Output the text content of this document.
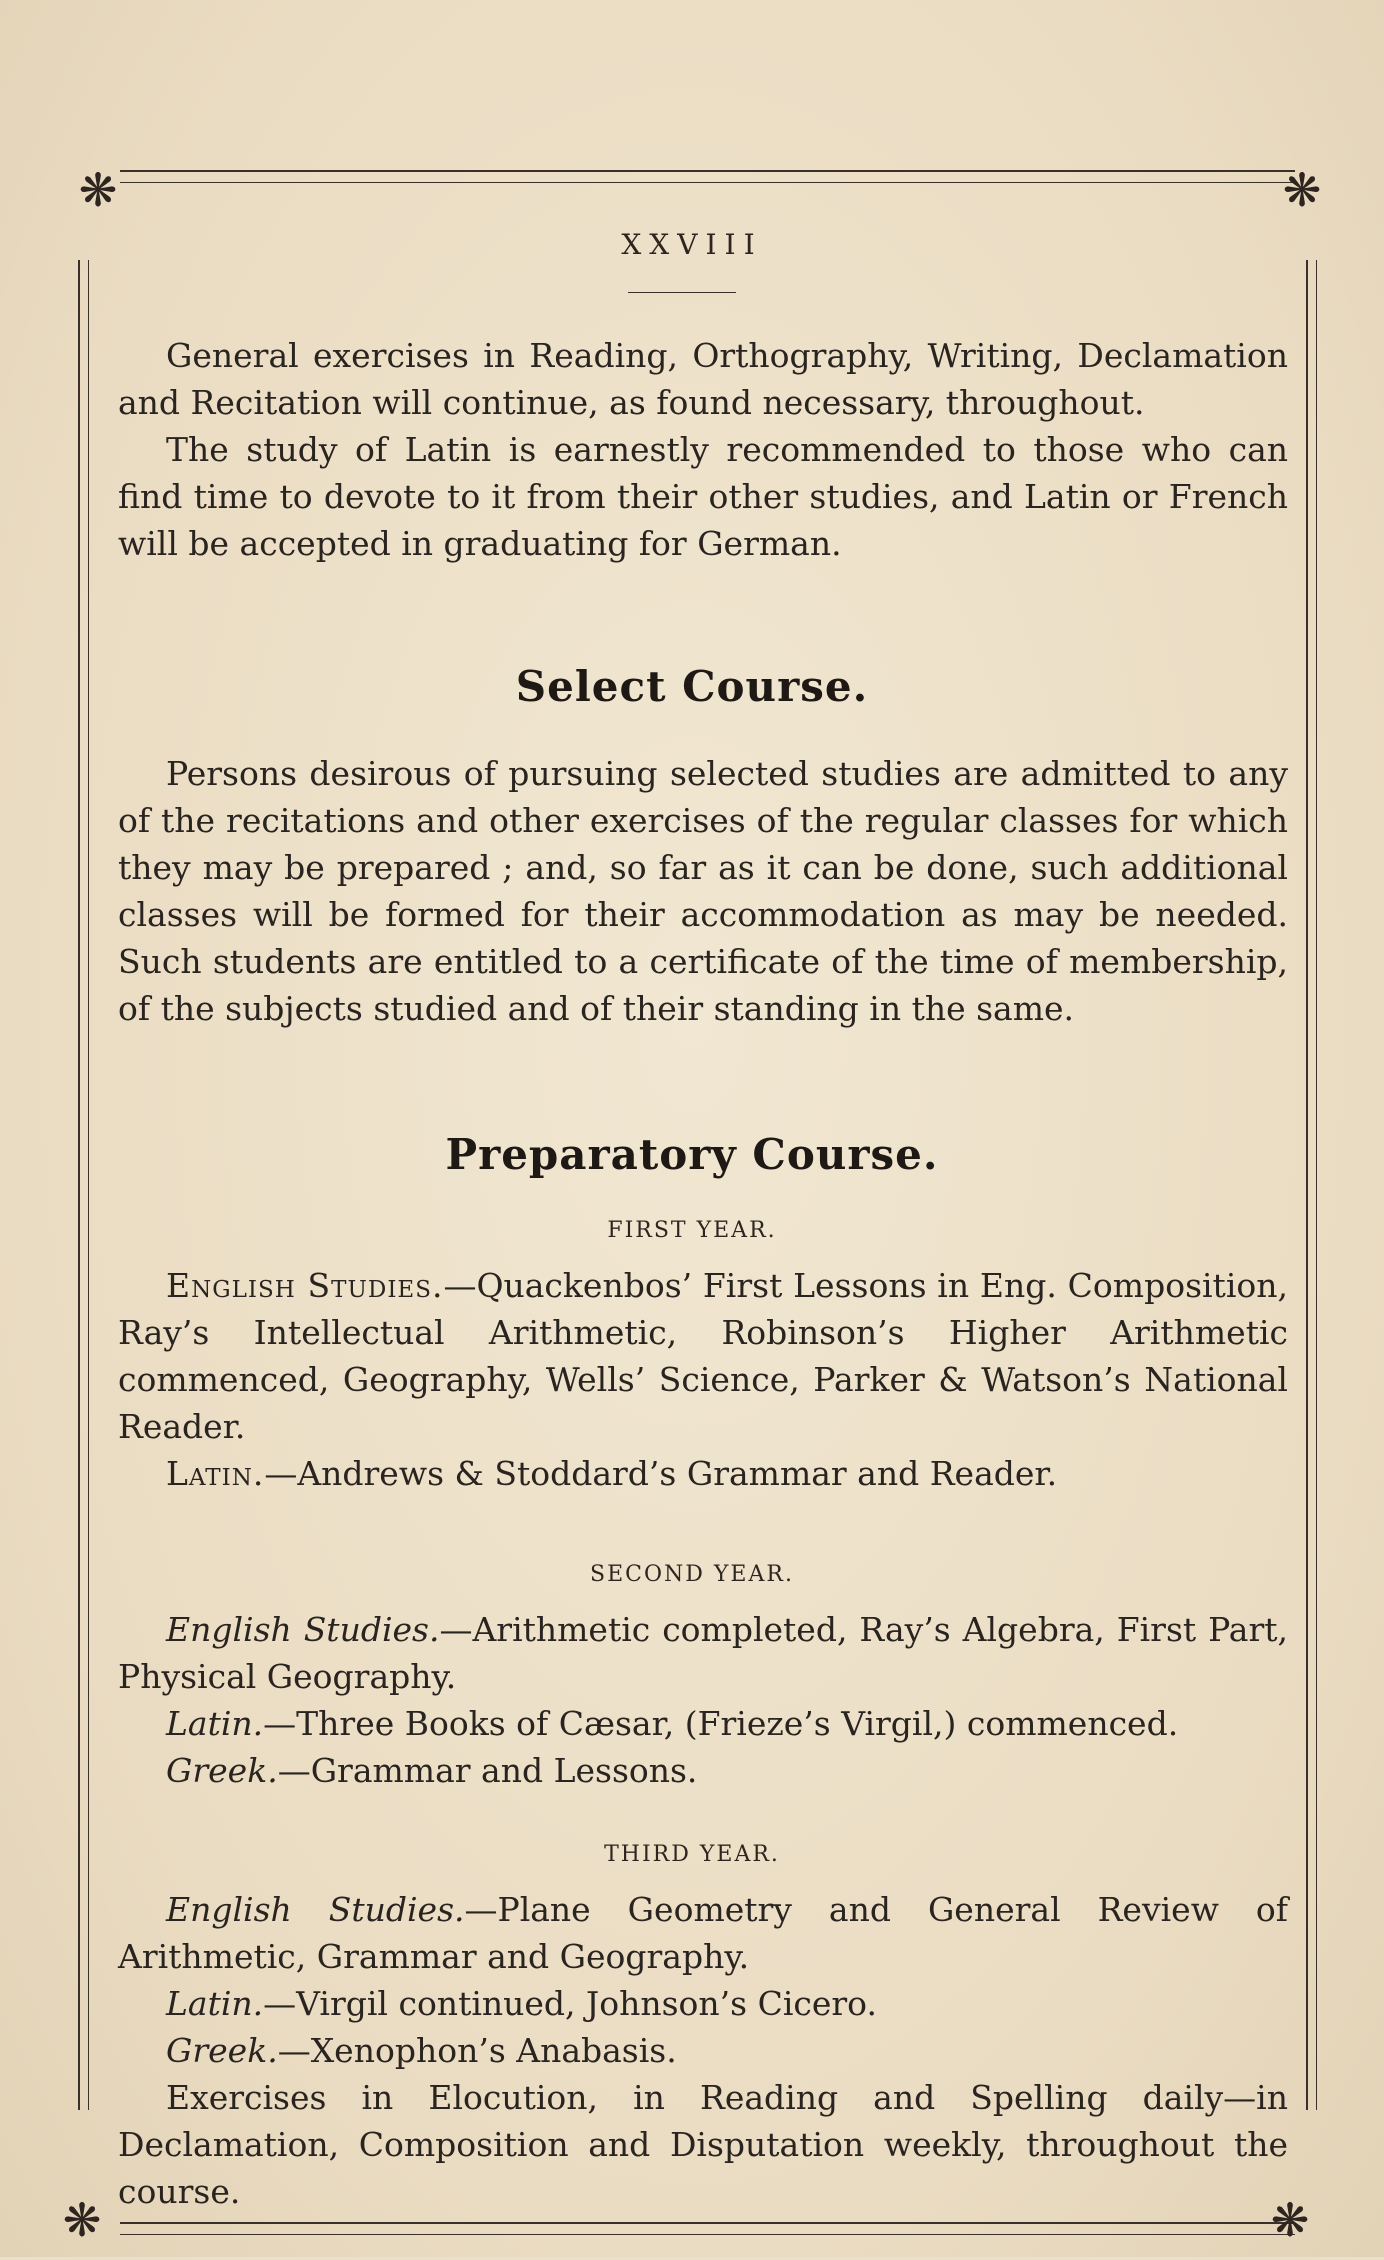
❋	❋
❋	❋
XXVIII

General exercises in Reading, Orthography, Writing, Declamation and Recitation will continue, as found necessary, throughout.

The study of Latin is earnestly recommended to those who can find time to devote to it from their other studies, and Latin or French will be accepted in graduating for German.

Select Course.

Persons desirous of pursuing selected studies are admitted to any of the recitations and other exercises of the regular classes for which they may be prepared ; and, so far as it can be done, such additional classes will be formed for their accommodation as may be needed. Such students are entitled to a certificate of the time of membership, of the subjects studied and of their standing in the same.

Preparatory Course.
FIRST YEAR.

English Studies.—Quackenbos’ First Lessons in Eng. Composition, Ray’s Intellectual Arithmetic, Robinson’s Higher Arithmetic commenced, Geography, Wells’ Science, Parker & Watson’s National Reader.

Latin.—Andrews & Stoddard’s Grammar and Reader.

SECOND YEAR.

English Studies.—Arithmetic completed, Ray’s Algebra, First Part, Physical Geography.

Latin.—Three Books of Cæsar, (Frieze’s Virgil,) commenced.

Greek.—Grammar and Lessons.

THIRD YEAR.

English Studies.—Plane Geometry and General Review of Arithmetic, Grammar and Geography.

Latin.—Virgil continued, Johnson’s Cicero.

Greek.—Xenophon’s Anabasis.

Exercises in Elocution, in Reading and Spelling daily—in Declamation, Composition and Disputation weekly, throughout the course.
